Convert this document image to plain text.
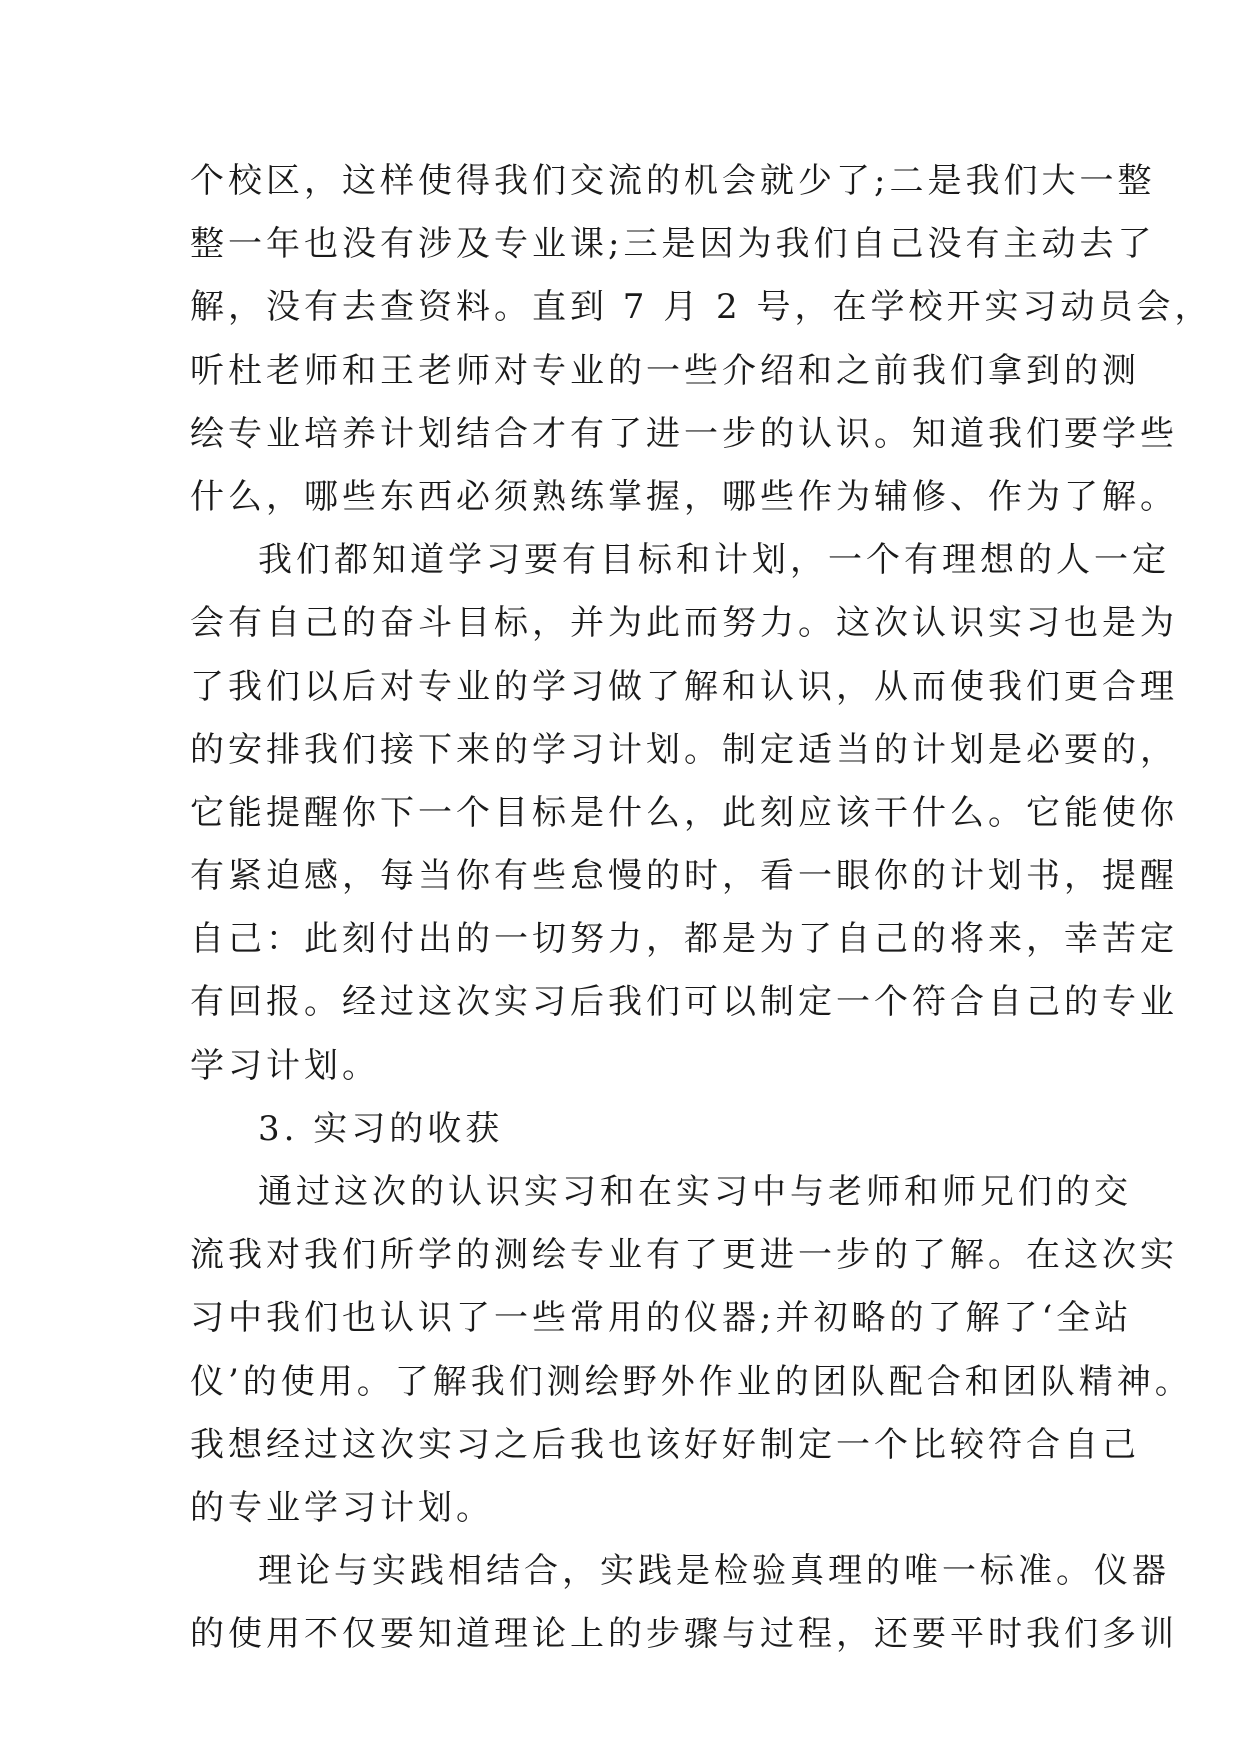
个校区，这样使得我们交流的机会就少了;二是我们大一整
整一年也没有涉及专业课;三是因为我们自己没有主动去了
解，没有去查资料。直到 7 月 2 号，在学校开实习动员会，
听杜老师和王老师对专业的一些介绍和之前我们拿到的测
绘专业培养计划结合才有了进一步的认识。知道我们要学些
什么，哪些东西必须熟练掌握，哪些作为辅修、作为了解。
我们都知道学习要有目标和计划，一个有理想的人一定
会有自己的奋斗目标，并为此而努力。这次认识实习也是为
了我们以后对专业的学习做了解和认识，从而使我们更合理
的安排我们接下来的学习计划。制定适当的计划是必要的，
它能提醒你下一个目标是什么，此刻应该干什么。它能使你
有紧迫感，每当你有些怠慢的时，看一眼你的计划书，提醒
自己：此刻付出的一切努力，都是为了自己的将来，幸苦定
有回报。经过这次实习后我们可以制定一个符合自己的专业
学习计划。
3. 实习的收获
通过这次的认识实习和在实习中与老师和师兄们的交
流我对我们所学的测绘专业有了更进一步的了解。在这次实
习中我们也认识了一些常用的仪器;并初略的了解了‘全站
仪’的使用。了解我们测绘野外作业的团队配合和团队精神。
我想经过这次实习之后我也该好好制定一个比较符合自己
的专业学习计划。
理论与实践相结合，实践是检验真理的唯一标准。仪器
的使用不仅要知道理论上的步骤与过程，还要平时我们多训
